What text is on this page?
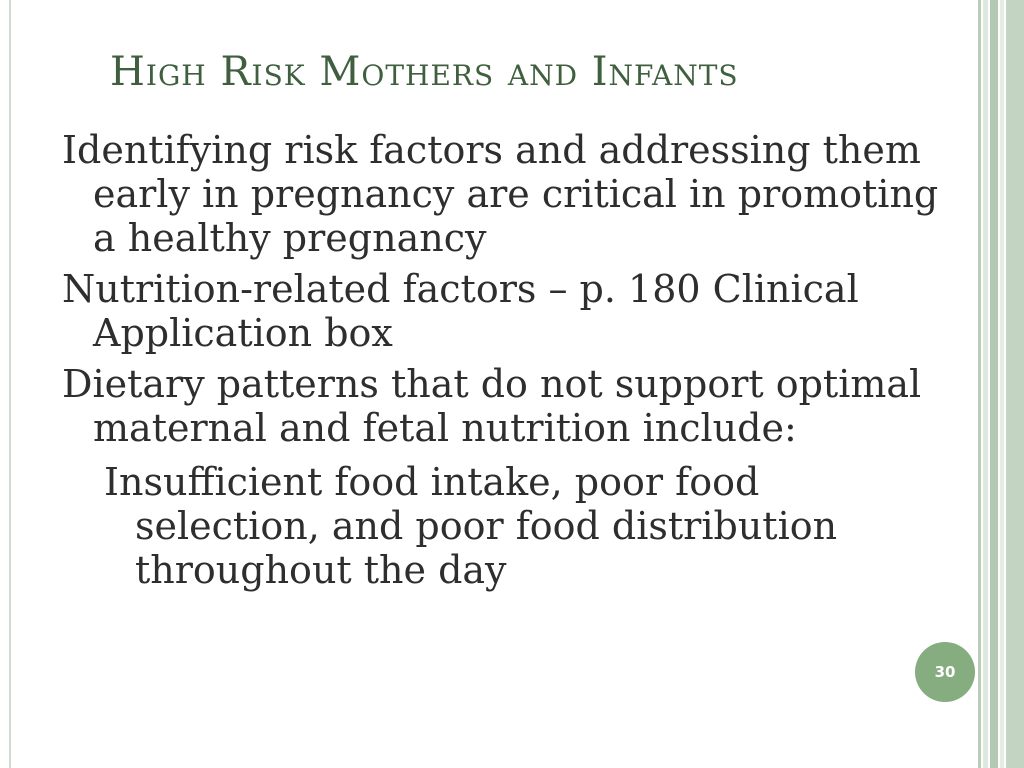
High Risk Mothers and Infants

Identifying risk factors and addressing them early in pregnancy are critical in promoting a healthy pregnancy

Nutrition-related factors – p. 180 Clinical Application box

Dietary patterns that do not support optimal maternal and fetal nutrition include:

Insufficient food intake, poor food selection, and poor food distribution throughout the day

30
